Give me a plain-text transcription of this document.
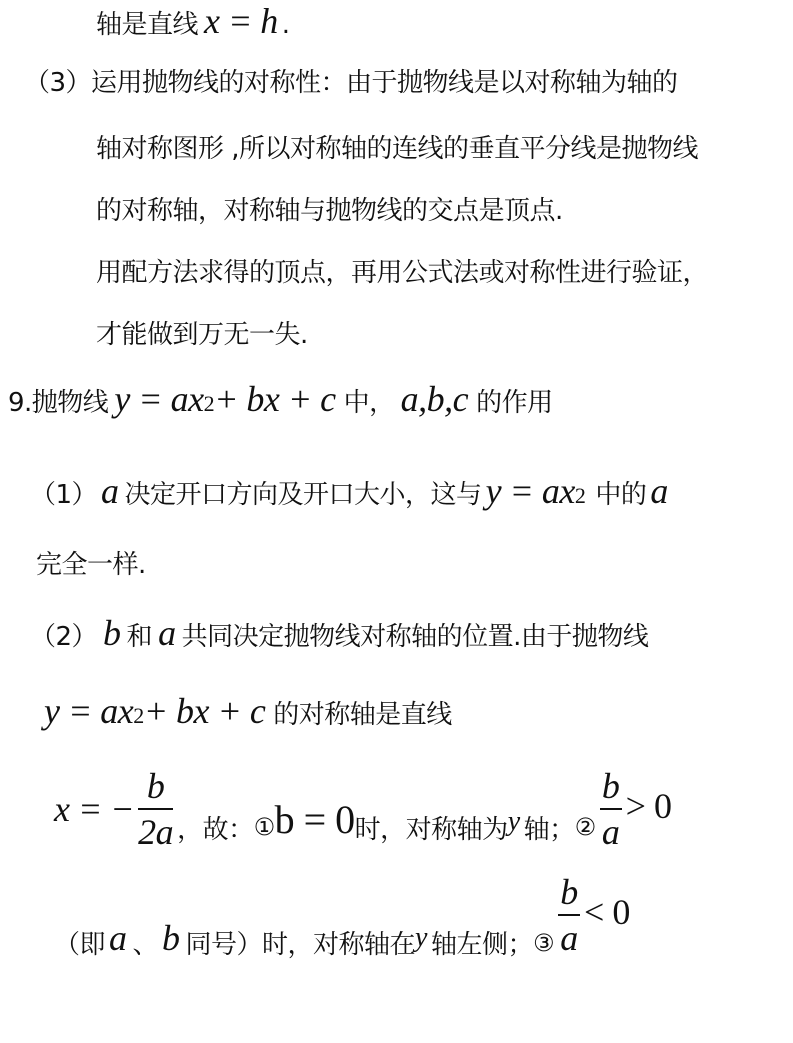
轴是直线 x = h .
（3） 运用抛物线的对称性：由于抛物线是以对称轴为轴的
轴对称图形 ,所以对称轴的连线的垂直平分线是抛物线
的对称轴，对称轴与抛物线的交点是顶点.
用配方法求得的顶点，再用公式法或对称性进行验证，
才能做到万无一失.
9.抛物线 y = ax 2 + bx + c 中， a,b,c 的作用
（1） a 决定开口方向及开口大小，这与 y = ax 2 中的 a
完全一样.
（2） b 和 a 共同决定抛物线对称轴的位置.由于抛物线
y = ax 2 + bx + c 的对称轴是直线
x = − $\frac{b}{2a}$ ，故： ① b = 0 时，对称轴为 y 轴； ② $\frac{b}{a} > 0$
（即 a 、 b 同号）时，对称轴在 y 轴左侧； ③ $\frac{b}{a} < 0$
